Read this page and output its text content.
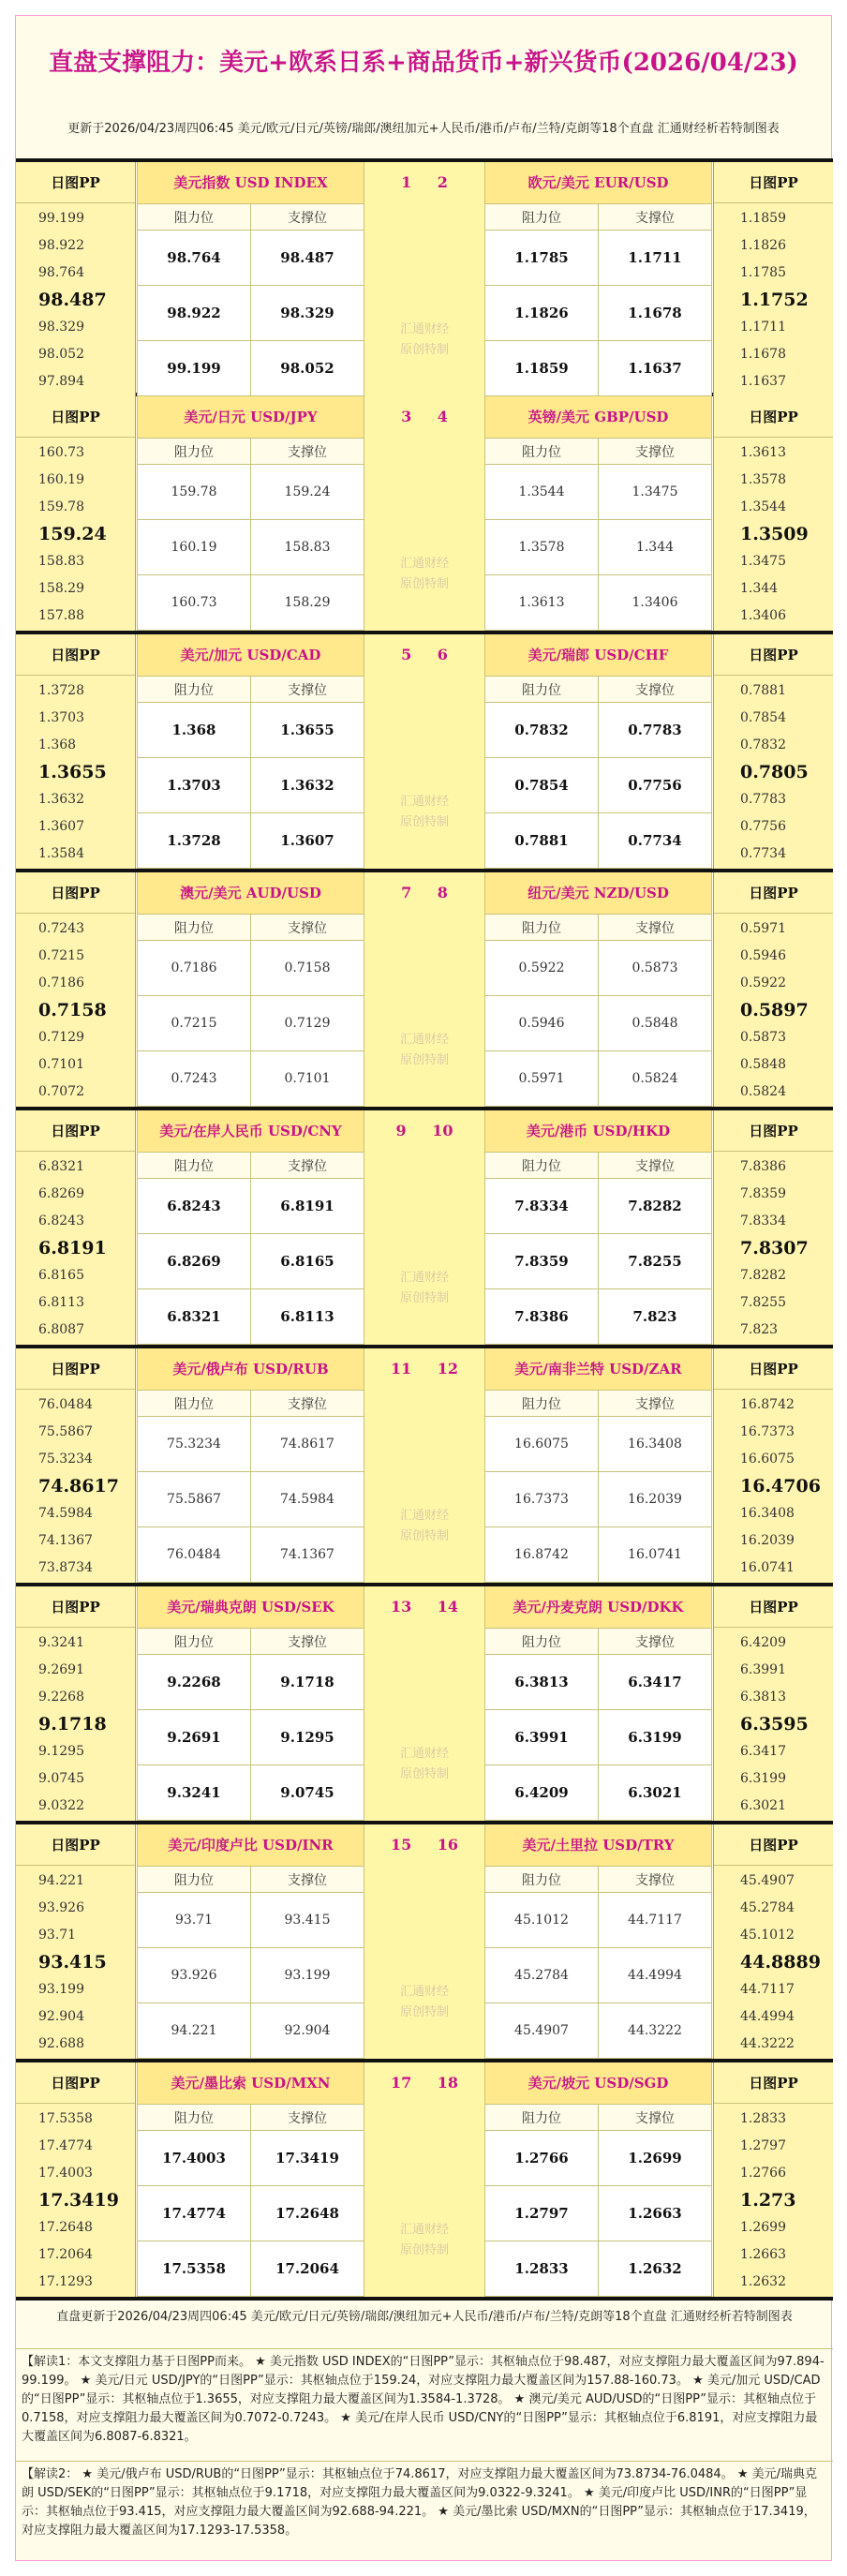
直盘支撑阻力：美元+欧系日系+商品货币+新兴货币(2026/04/23)
更新于2026/04/23周四06:45 美元/欧元/日元/英镑/瑞郎/澳纽加元+人民币/港币/卢布/兰特/克朗等18个直盘 汇通财经析若特制图表
日图PP
99.199
98.922
98.764
98.487
98.329
98.052
97.894
美元指数 USD INDEX
阻力位	支撑位
98.764	98.487
98.922	98.329
99.199	98.052
1 2
汇通财经
原创特制
欧元/美元 EUR/USD
阻力位	支撑位
1.1785	1.1711
1.1826	1.1678
1.1859	1.1637
日图PP
1.1859
1.1826
1.1785
1.1752
1.1711
1.1678
1.1637
日图PP
160.73
160.19
159.78
159.24
158.83
158.29
157.88
美元/日元 USD/JPY
阻力位	支撑位
159.78	159.24
160.19	158.83
160.73	158.29
3 4
汇通财经
原创特制
英镑/美元 GBP/USD
阻力位	支撑位
1.3544	1.3475
1.3578	1.344
1.3613	1.3406
日图PP
1.3613
1.3578
1.3544
1.3509
1.3475
1.344
1.3406
日图PP
1.3728
1.3703
1.368
1.3655
1.3632
1.3607
1.3584
美元/加元 USD/CAD
阻力位	支撑位
1.368	1.3655
1.3703	1.3632
1.3728	1.3607
5 6
汇通财经
原创特制
美元/瑞郎 USD/CHF
阻力位	支撑位
0.7832	0.7783
0.7854	0.7756
0.7881	0.7734
日图PP
0.7881
0.7854
0.7832
0.7805
0.7783
0.7756
0.7734
日图PP
0.7243
0.7215
0.7186
0.7158
0.7129
0.7101
0.7072
澳元/美元 AUD/USD
阻力位	支撑位
0.7186	0.7158
0.7215	0.7129
0.7243	0.7101
7 8
汇通财经
原创特制
纽元/美元 NZD/USD
阻力位	支撑位
0.5922	0.5873
0.5946	0.5848
0.5971	0.5824
日图PP
0.5971
0.5946
0.5922
0.5897
0.5873
0.5848
0.5824
日图PP
6.8321
6.8269
6.8243
6.8191
6.8165
6.8113
6.8087
美元/在岸人民币 USD/CNY
阻力位	支撑位
6.8243	6.8191
6.8269	6.8165
6.8321	6.8113
9 10
汇通财经
原创特制
美元/港币 USD/HKD
阻力位	支撑位
7.8334	7.8282
7.8359	7.8255
7.8386	7.823
日图PP
7.8386
7.8359
7.8334
7.8307
7.8282
7.8255
7.823
日图PP
76.0484
75.5867
75.3234
74.8617
74.5984
74.1367
73.8734
美元/俄卢布 USD/RUB
阻力位	支撑位
75.3234	74.8617
75.5867	74.5984
76.0484	74.1367
11 12
汇通财经
原创特制
美元/南非兰特 USD/ZAR
阻力位	支撑位
16.6075	16.3408
16.7373	16.2039
16.8742	16.0741
日图PP
16.8742
16.7373
16.6075
16.4706
16.3408
16.2039
16.0741
日图PP
9.3241
9.2691
9.2268
9.1718
9.1295
9.0745
9.0322
美元/瑞典克朗 USD/SEK
阻力位	支撑位
9.2268	9.1718
9.2691	9.1295
9.3241	9.0745
13 14
汇通财经
原创特制
美元/丹麦克朗 USD/DKK
阻力位	支撑位
6.3813	6.3417
6.3991	6.3199
6.4209	6.3021
日图PP
6.4209
6.3991
6.3813
6.3595
6.3417
6.3199
6.3021
日图PP
94.221
93.926
93.71
93.415
93.199
92.904
92.688
美元/印度卢比 USD/INR
阻力位	支撑位
93.71	93.415
93.926	93.199
94.221	92.904
15 16
汇通财经
原创特制
美元/土里拉 USD/TRY
阻力位	支撑位
45.1012	44.7117
45.2784	44.4994
45.4907	44.3222
日图PP
45.4907
45.2784
45.1012
44.8889
44.7117
44.4994
44.3222
日图PP
17.5358
17.4774
17.4003
17.3419
17.2648
17.2064
17.1293
美元/墨比索 USD/MXN
阻力位	支撑位
17.4003	17.3419
17.4774	17.2648
17.5358	17.2064
17 18
汇通财经
原创特制
美元/坡元 USD/SGD
阻力位	支撑位
1.2766	1.2699
1.2797	1.2663
1.2833	1.2632
日图PP
1.2833
1.2797
1.2766
1.273
1.2699
1.2663
1.2632
直盘更新于2026/04/23周四06:45 美元/欧元/日元/英镑/瑞郎/澳纽加元+人民币/港币/卢布/兰特/克朗等18个直盘 汇通财经析若特制图表
【解读1：本文支撑阻力基于日图PP而来。 ★ 美元指数 USD INDEX的“日图PP”显示：其枢轴点位于98.487，对应支撑阻力最大覆盖区间为97.894-99.199。 ★ 美元/日元 USD/JPY的“日图PP”显示：其枢轴点位于159.24，对应支撑阻力最大覆盖区间为157.88-160.73。 ★ 美元/加元 USD/CAD的“日图PP”显示：其枢轴点位于1.3655，对应支撑阻力最大覆盖区间为1.3584-1.3728。 ★ 澳元/美元 AUD/USD的“日图PP”显示：其枢轴点位于0.7158，对应支撑阻力最大覆盖区间为0.7072-0.7243。 ★ 美元/在岸人民币 USD/CNY的“日图PP”显示：其枢轴点位于6.8191，对应支撑阻力最大覆盖区间为6.8087-6.8321。
【解读2： ★ 美元/俄卢布 USD/RUB的“日图PP”显示：其枢轴点位于74.8617，对应支撑阻力最大覆盖区间为73.8734-76.0484。 ★ 美元/瑞典克朗 USD/SEK的“日图PP”显示：其枢轴点位于9.1718，对应支撑阻力最大覆盖区间为9.0322-9.3241。 ★ 美元/印度卢比 USD/INR的“日图PP”显示：其枢轴点位于93.415，对应支撑阻力最大覆盖区间为92.688-94.221。 ★ 美元/墨比索 USD/MXN的“日图PP”显示：其枢轴点位于17.3419，对应支撑阻力最大覆盖区间为17.1293-17.5358。
